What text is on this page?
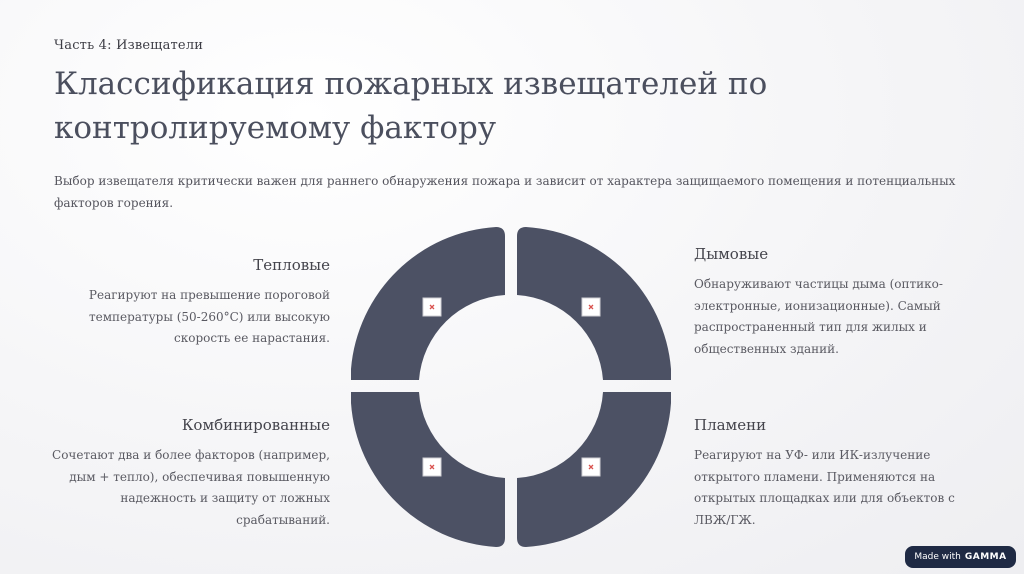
Часть 4: Извещатели
Классификация пожарных извещателей по
контролируемому фактору
Выбор извещателя критически важен для раннего обнаружения пожара и зависит от характера защищаемого помещения и потенциальных факторов горения.
Тепловые
Реагируют на превышение пороговой
температуры (50-260°C) или высокую
скорость ее нарастания.
Дымовые
Обнаруживают частицы дыма (оптико-
электронные, ионизационные). Самый
распространенный тип для жилых и
общественных зданий.
Комбинированные
Сочетают два и более факторов (например,
дым + тепло), обеспечивая повышенную
надежность и защиту от ложных
срабатываний.
Пламени
Реагируют на УФ- или ИК-излучение
открытого пламени. Применяются на
открытых площадках или для объектов с
ЛВЖ/ГЖ.
Made with GAMMA
